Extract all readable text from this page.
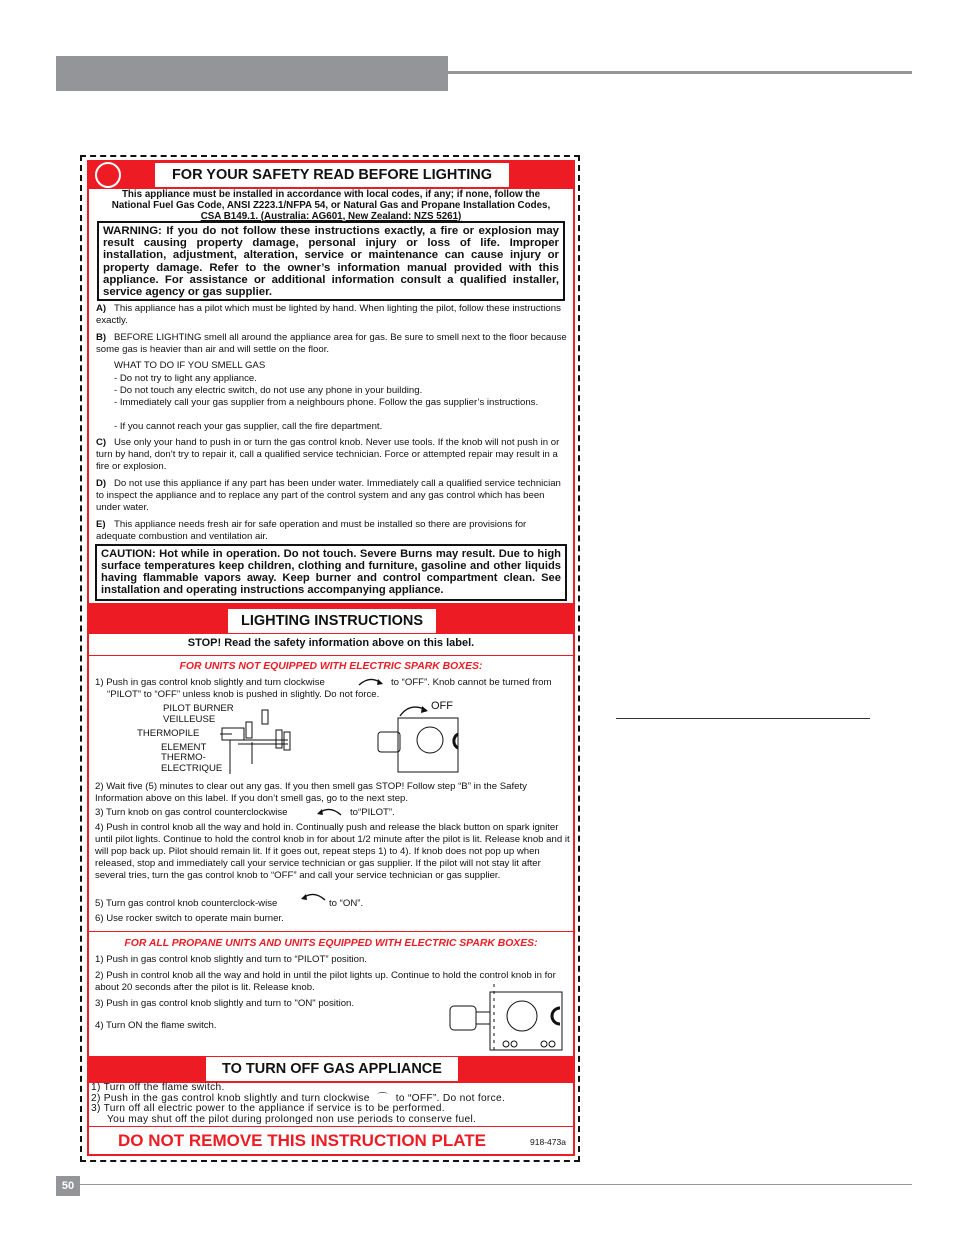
FOR YOUR SAFETY READ BEFORE LIGHTING
This appliance must be installed in accordance with local codes, if any; if none, follow the
National Fuel Gas Code, ANSI Z223.1/NFPA 54, or Natural Gas and Propane Installation Codes,
CSA B149.1. (Australia: AG601, New Zealand: NZS 5261)
WARNING: If you do not follow these instructions exactly, a fire or explosion may result causing property damage, personal injury or loss of life. Improper installation, adjustment, alteration, service or maintenance can cause injury or property damage. Refer to the owner’s information manual provided with this appliance. For assistance or additional information consult a qualified installer, service agency or gas supplier.
A) This appliance has a pilot which must be lighted by hand. When lighting the pilot, follow these instructions exactly.
B) BEFORE LIGHTING smell all around the appliance area for gas. Be sure to smell next to the floor because some gas is heavier than air and will settle on the floor.
WHAT TO DO IF YOU SMELL GAS
- Do not try to light any appliance.
- Do not touch any electric switch, do not use any phone in your building.
- Immediately call your gas supplier from a neighbours phone. Follow the gas supplier’s instructions.
- If you cannot reach your gas supplier, call the fire department.
C) Use only your hand to push in or turn the gas control knob. Never use tools. If the knob will not push in or turn by hand, don’t try to repair it, call a qualified service technician. Force or attempted repair may result in a fire or explosion.
D) Do not use this appliance if any part has been under water. Immediately call a qualified service technician to inspect the appliance and to replace any part of the control system and any gas control which has been under water.
E) This appliance needs fresh air for safe operation and must be installed so there are provisions for adequate combustion and ventilation air.
CAUTION: Hot while in operation. Do not touch. Severe Burns may result. Due to high surface temperatures keep children, clothing and furniture, gasoline and other liquids having flammable vapors away. Keep burner and control compartment clean. See installation and operating instructions accompanying appliance.
LIGHTING INSTRUCTIONS
STOP! Read the safety information above on this label.
FOR UNITS NOT EQUIPPED WITH ELECTRIC SPARK BOXES:
1) Push in gas control knob slightly and turn clockwise	to “OFF”. Knob cannot be turned from
“PILOT” to “OFF” unless knob is pushed in slightly. Do not force.
PILOT BURNER
VEILLEUSE
THERMOPILE
ELEMENT
THERMO-
ELECTRIQUE
OFF
2) Wait five (5) minutes to clear out any gas. If you then smell gas STOP! Follow step “B” in the Safety Information above on this label. If you don’t smell gas, go to the next step.
3) Turn knob on gas control counterclockwise	to“PILOT”.
4) Push in control knob all the way and hold in. Continually push and release the black button on spark igniter until pilot lights. Continue to hold the control knob in for about 1/2 minute after the pilot is lit. Release knob and it will pop back up. Pilot should remain lit. If it goes out, repeat steps 1) to 4). If knob does not pop up when released, stop and immediately call your service technician or gas supplier. If the pilot will not stay lit after several tries, turn the gas control knob to “OFF” and call your service technician or gas supplier.
5) Turn gas control knob counterclock-wise	to “ON”.
6) Use rocker switch to operate main burner.
FOR ALL PROPANE UNITS AND UNITS EQUIPPED WITH ELECTRIC SPARK BOXES:
1) Push in gas control knob slightly and turn to “PILOT” position.
2) Push in control knob all the way and hold in until the pilot lights up. Continue to hold the control knob in for about 20 seconds after the pilot is lit. Release knob.
3) Push in gas control knob slightly and turn to "ON" position.
4) Turn ON the flame switch.
TO TURN OFF GAS APPLIANCE
1) Turn off the flame switch.
2) Push in the gas control knob slightly and turn clockwise ⌒ to “OFF”. Do not force.
3) Turn off all electric power to the appliance if service is to be performed.
You may shut off the pilot during prolonged non use periods to conserve fuel.
DO NOT REMOVE THIS INSTRUCTION PLATE	918-473a
50
